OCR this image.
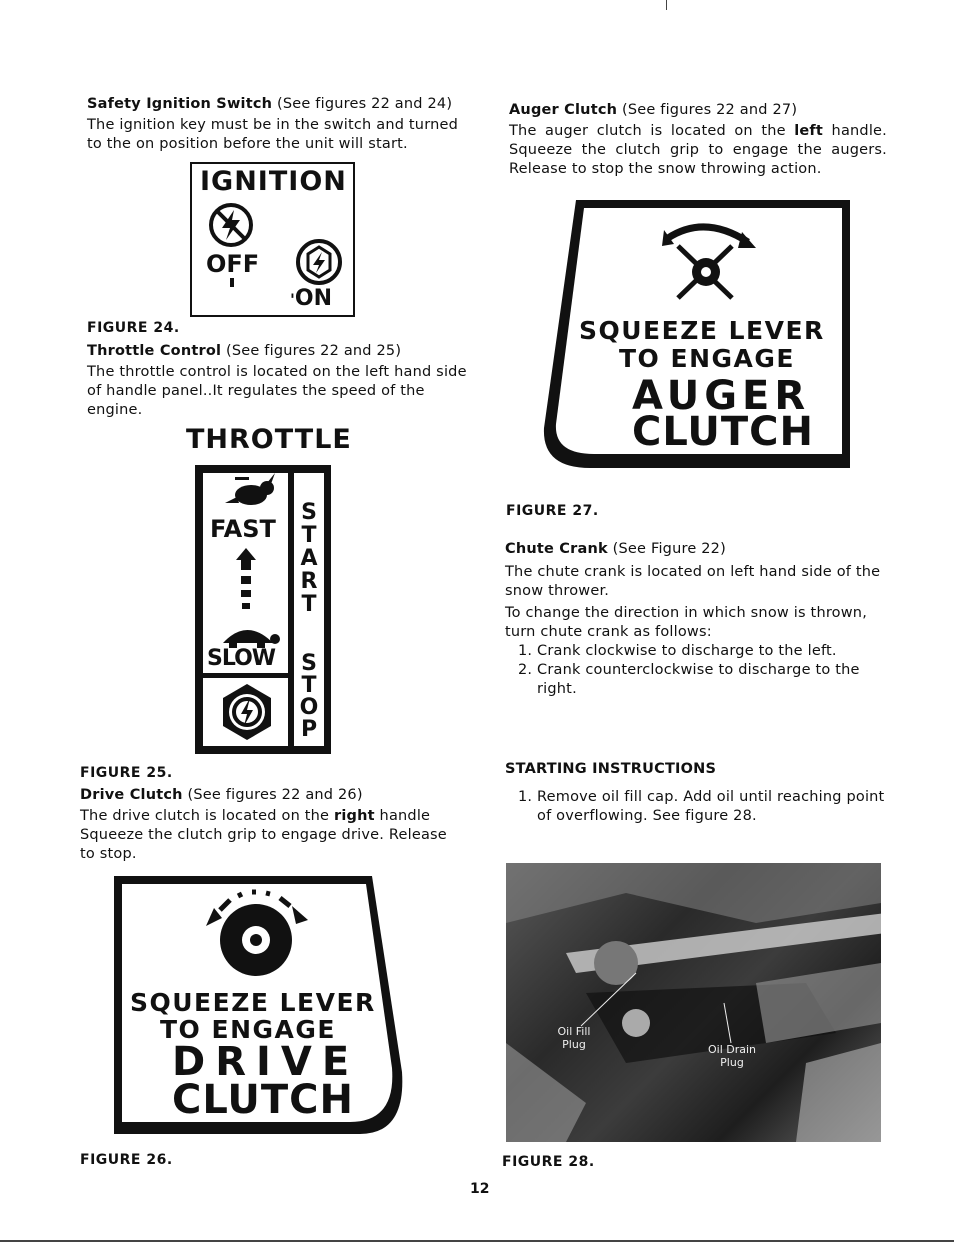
Safety Ignition Switch (See figures 22 and 24)
The ignition key must be in the switch and turned to the on position before the unit will start.
IGNITION
OFF
'ON
FIGURE 24.
Throttle Control (See figures 22 and 25)
The throttle control is located on the left hand side of handle panel..It regulates the speed of the engine.
THROTTLE
FAST
SLOW
S
T
A
R
T
S
T
O
P
FIGURE 25.
Drive Clutch (See figures 22 and 26)
The drive clutch is located on the right handle Squeeze the clutch grip to engage drive. Release to stop.
SQUEEZE LEVER
TO ENGAGE
DRIVE
CLUTCH
FIGURE 26.
Auger Clutch (See figures 22 and 27)
The auger clutch is located on the left handle. Squeeze the clutch grip to engage the augers. Release to stop the snow throwing action.
SQUEEZE LEVER
TO ENGAGE
AUGER
CLUTCH
FIGURE 27.
Chute Crank (See Figure 22)
The chute crank is located on left hand side of the snow thrower.
To change the direction in which snow is thrown, turn chute crank as follows:
1. Crank clockwise to discharge to the left.
2. Crank counterclockwise to discharge to the right.
STARTING INSTRUCTIONS
1. Remove oil fill cap. Add oil until reaching point of overflowing. See figure 28.
Oil Fill Plug	Oil Drain Plug
FIGURE 28.
12
